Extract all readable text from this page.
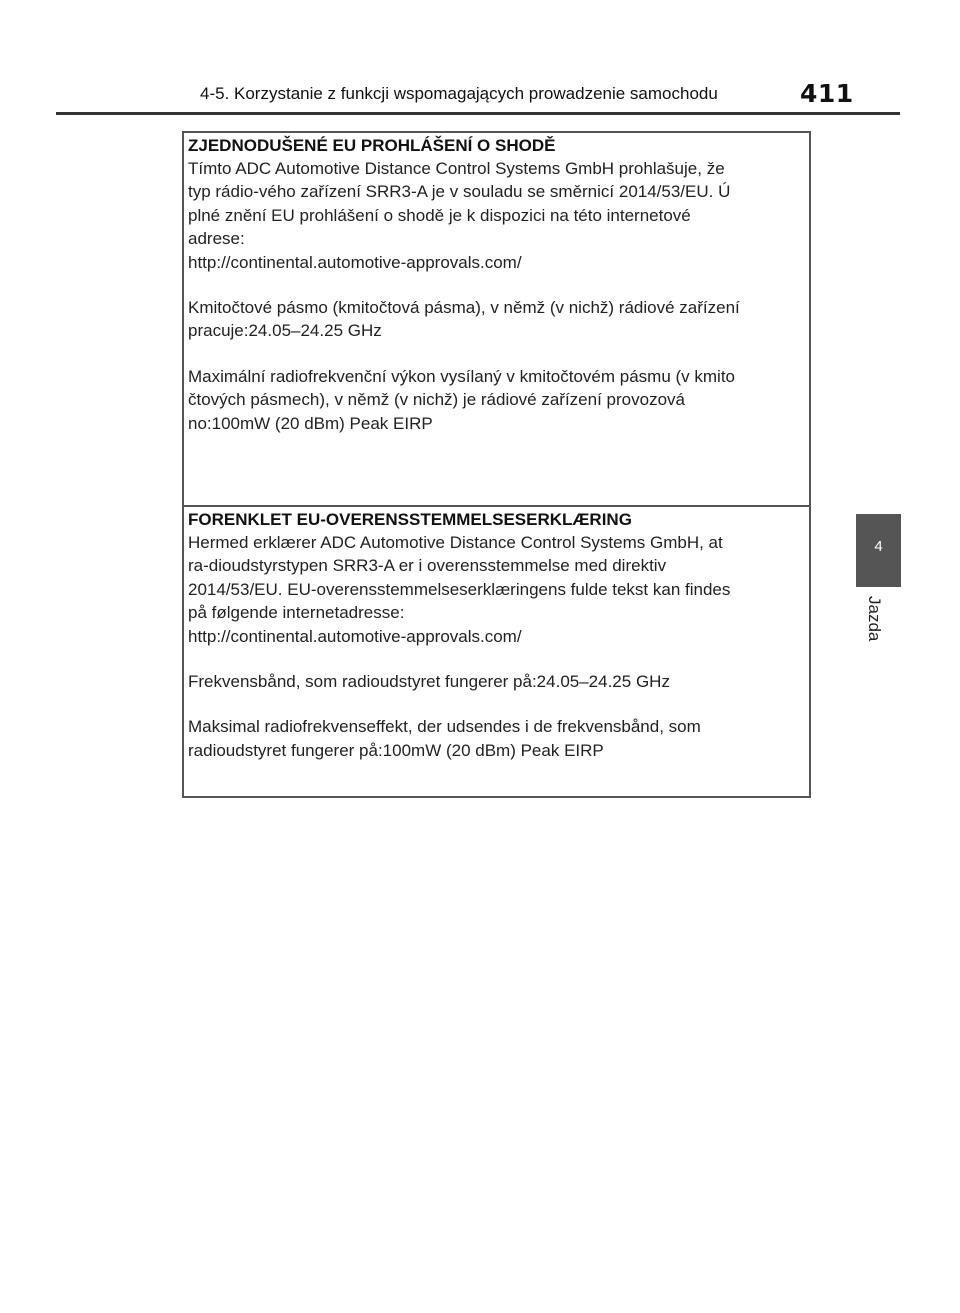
4-5. Korzystanie z funkcji wspomagających prowadzenie samochodu	411
4
Jazda
ZJEDNODUŠENÉ EU PROHLÁŠENÍ O SHODĚ
Tímto ADC Automotive Distance Control Systems GmbH prohlašuje, že
typ rádio-vého zařízení SRR3-A je v souladu se směrnicí 2014/53/EU. Ú
plné znění EU prohlášení o shodě je k dispozici na této internetové
adrese:
http://continental.automotive-approvals.com/
Kmitočtové pásmo (kmitočtová pásma), v němž (v nichž) rádiové zařízení
pracuje:24.05–24.25 GHz
Maximální radiofrekvenční výkon vysílaný v kmitočtovém pásmu (v kmito
čtových pásmech), v němž (v nichž) je rádiové zařízení provozová
no:100mW (20 dBm) Peak EIRP
FORENKLET EU-OVERENSSTEMMELSESERKLÆRING
Hermed erklærer ADC Automotive Distance Control Systems GmbH, at
ra-dioudstyrstypen SRR3-A er i overensstemmelse med direktiv
2014/53/EU. EU-overensstemmelseserklæringens fulde tekst kan findes
på følgende internetadresse:
http://continental.automotive-approvals.com/
Frekvensbånd, som radioudstyret fungerer på:24.05–24.25 GHz
Maksimal radiofrekvenseffekt, der udsendes i de frekvensbånd, som
radioudstyret fungerer på:100mW (20 dBm) Peak EIRP
